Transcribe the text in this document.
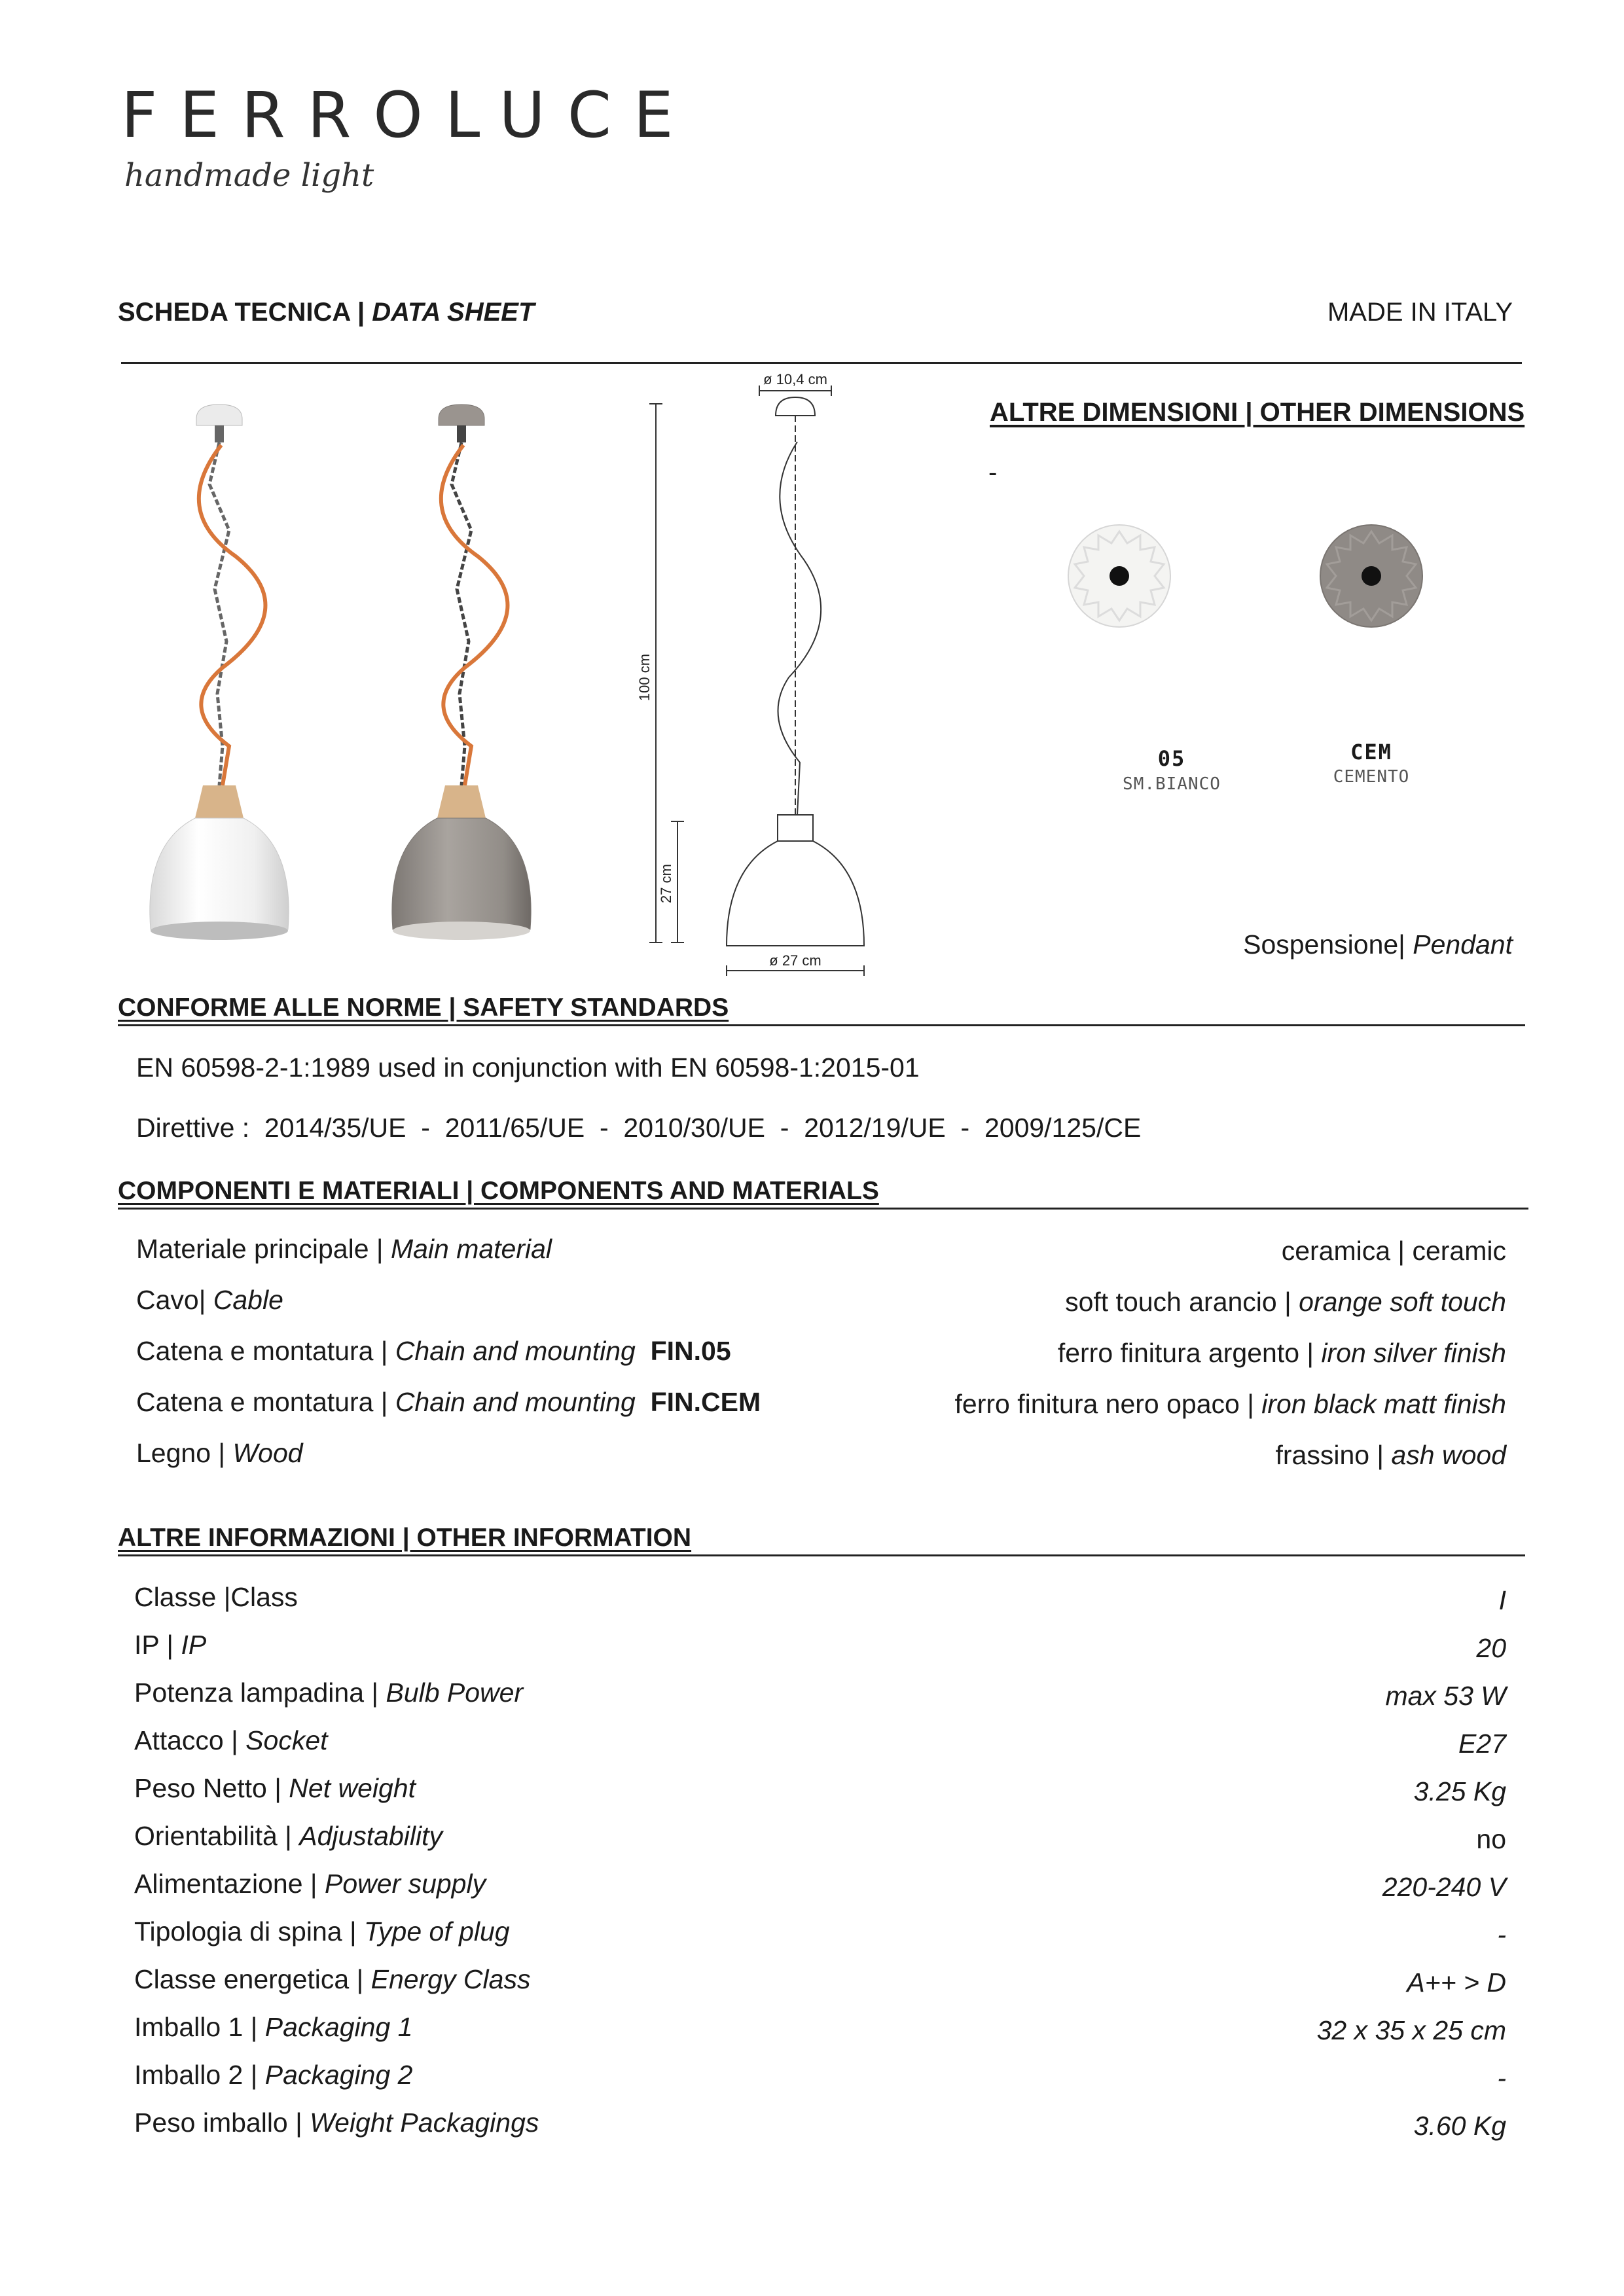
FERROLUCE
handmade light
SCHEDA TECNICA | DATA SHEET	MADE IN ITALY
ø 10,4 cm
100 cm
27 cm
ø 27 cm
ALTRE DIMENSIONI | OTHER DIMENSIONS
-
05
SM.BIANCO
CEM
CEMENTO
Sospensione| Pendant
CONFORME ALLE NORME | SAFETY STANDARDS
EN 60598-2-1:1989 used in conjunction with EN 60598-1:2015-01
Direttive :  2014/35/UE  -  2011/65/UE  -  2010/30/UE  -  2012/19/UE  -  2009/125/CE
COMPONENTI E MATERIALI | COMPONENTS AND MATERIALS
Materiale principale | Main material	ceramica | ceramic
Cavo| Cable	soft touch arancio | orange soft touch
Catena e montatura | Chain and mounting FIN.05	ferro finitura argento | iron silver finish
Catena e montatura | Chain and mounting FIN.CEM	ferro finitura nero opaco | iron black matt finish
Legno | Wood	frassino | ash wood
ALTRE INFORMAZIONI | OTHER INFORMATION
Classe |Class	I
IP | IP	20
Potenza lampadina | Bulb Power	max 53 W
Attacco | Socket	E27
Peso Netto | Net weight	3.25 Kg
Orientabilità | Adjustability	no
Alimentazione | Power supply	220-240 V
Tipologia di spina | Type of plug	-
Classe energetica | Energy Class	A++ > D
Imballo 1 | Packaging 1	32 x 35 x 25 cm
Imballo 2 | Packaging 2	-
Peso imballo | Weight Packagings	3.60 Kg
